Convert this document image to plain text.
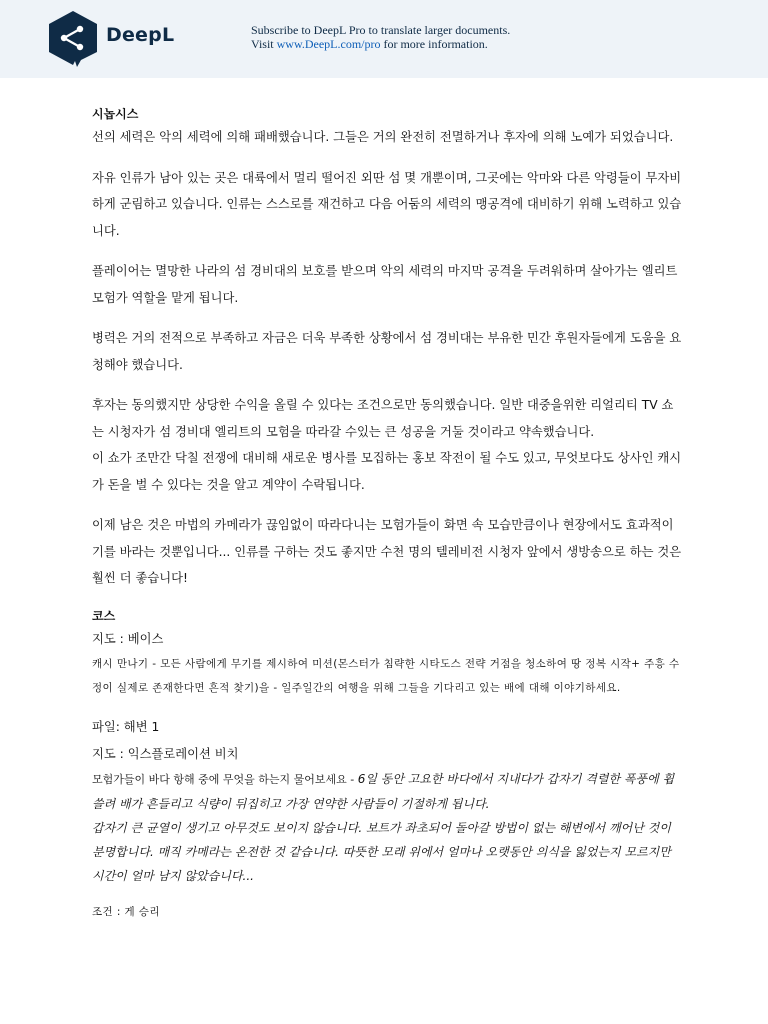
DeepL	Subscribe to DeepL Pro to translate larger documents.
Visit www.DeepL.com/pro for more information.

시놉시스

선의 세력은 악의 세력에 의해 패배했습니다. 그들은 거의 완전히 전멸하거나 후자에 의해 노예가 되었습니다.

자유 인류가 남아 있는 곳은 대륙에서 멀리 떨어진 외딴 섬 몇 개뿐이며, 그곳에는 악마와 다른 악령들이 무자비하게 군림하고 있습니다. 인류는 스스로를 재건하고 다음 어둠의 세력의 맹공격에 대비하기 위해 노력하고 있습니다.

플레이어는 멸망한 나라의 섬 경비대의 보호를 받으며 악의 세력의 마지막 공격을 두려워하며 살아가는 엘리트 모험가 역할을 맡게 됩니다.

병력은 거의 전적으로 부족하고 자금은 더욱 부족한 상황에서 섬 경비대는 부유한 민간 후원자들에게 도움을 요청해야 했습니다.

후자는 동의했지만 상당한 수익을 올릴 수 있다는 조건으로만 동의했습니다. 일반 대중을위한 리얼리티 TV 쇼는 시청자가 섬 경비대 엘리트의 모험을 따라갈 수있는 큰 성공을 거둘 것이라고 약속했습니다.

이 쇼가 조만간 닥칠 전쟁에 대비해 새로운 병사를 모집하는 홍보 작전이 될 수도 있고, 무엇보다도 상사인 캐시가 돈을 벌 수 있다는 것을 알고 계약이 수락됩니다.

이제 남은 것은 마법의 카메라가 끊임없이 따라다니는 모험가들이 화면 속 모습만큼이나 현장에서도 효과적이기를 바라는 것뿐입니다... 인류를 구하는 것도 좋지만 수천 명의 텔레비전 시청자 앞에서 생방송으로 하는 것은 훨씬 더 좋습니다!

코스

지도 : 베이스

캐시 만나기 - 모든 사람에게 무기를 제시하여 미션(몬스터가 침략한 시타도스 전략 거점을 청소하여 땅 정복 시작+ 주흥 수정이 실제로 존재한다면 흔적 찾기)을 - 일주일간의 여행을 위해 그들을 기다리고 있는 배에 대해 이야기하세요.

파일: 해변 1

지도 : 익스플로레이션 비치

모험가들이 바다 항해 중에 무엇을 하는지 물어보세요 - 6일 동안 고요한 바다에서 지내다가 갑자기 격렬한 폭풍에 휩쓸려 배가 흔들리고 식량이 뒤집히고 가장 연약한 사람들이 기절하게 됩니다.

갑자기 큰 균열이 생기고 아무것도 보이지 않습니다. 보트가 좌초되어 돌아갈 방법이 없는 해변에서 깨어난 것이 분명합니다. 매직 카메라는 온전한 것 같습니다. 따뜻한 모래 위에서 얼마나 오랫동안 의식을 잃었는지 모르지만 시간이 얼마 남지 않았습니다...

조건 : 게 승리
